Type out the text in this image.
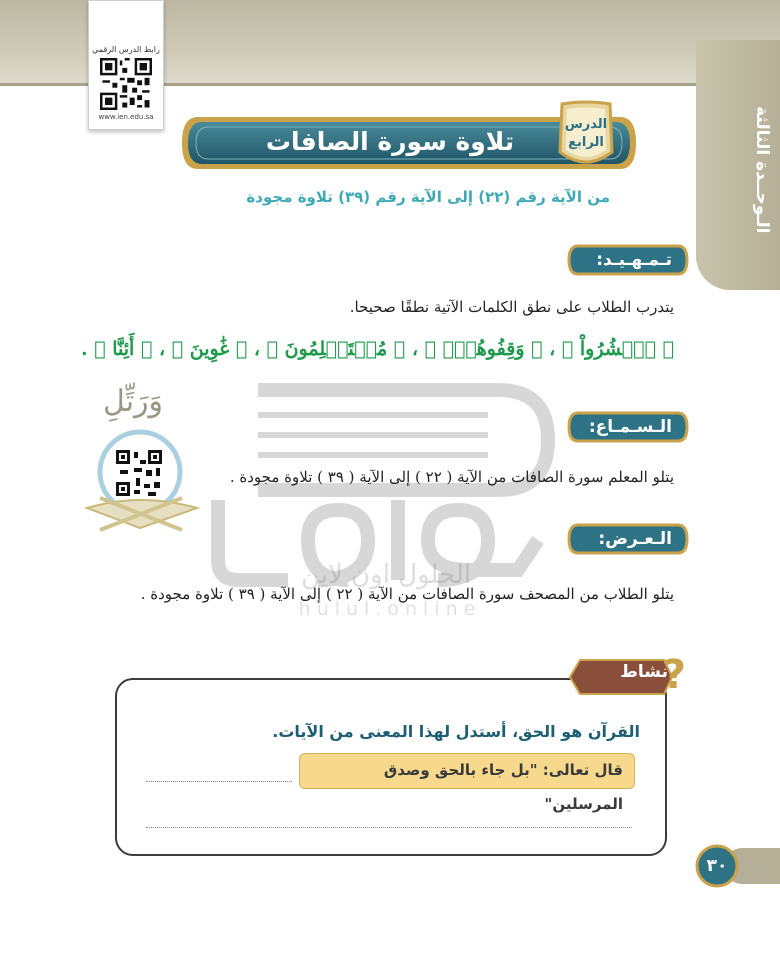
الـوحــدة الثالثة
رابط الدرس الرقمي
www.ien.edu.sa
تلاوة سورة الصافات
الدرس
الرابع
من الآية رقم (٢٢) إلى الآية رقم (٣٩) تلاوة مجودة
الحلول اون لاين
hulul.online
وَرَتِّلِ
تـمـهـيـد:
يتدرب الطلاب على نطق الكلمات الآتية نطقًا صحيحا.
﴿ ٱحۡشُرُواْ ﴾ ، ﴿ وَقِفُوهُمۡۖ ﴾ ، ﴿ مُسۡتَسۡلِمُونَ ﴾ ، ﴿ غَٰوِينَ ﴾ ، ﴿ أَئِنَّا ﴾ .
الـسـمـاع:
يتلو المعلم سورة الصافات من الآية ( ٢٢ ) إلى الآية ( ٣٩ ) تلاوة مجودة .
الـعـرض:
يتلو الطلاب من المصحف سورة الصافات من الآية ( ٢٢ ) إلى الآية ( ٣٩ ) تلاوة مجودة .
نشاط
?
القرآن هو الحق، أستدل لهذا المعنى من الآيات.
قال تعالى: "بل جاء بالحق وصدق المرسلين"
٣٠
